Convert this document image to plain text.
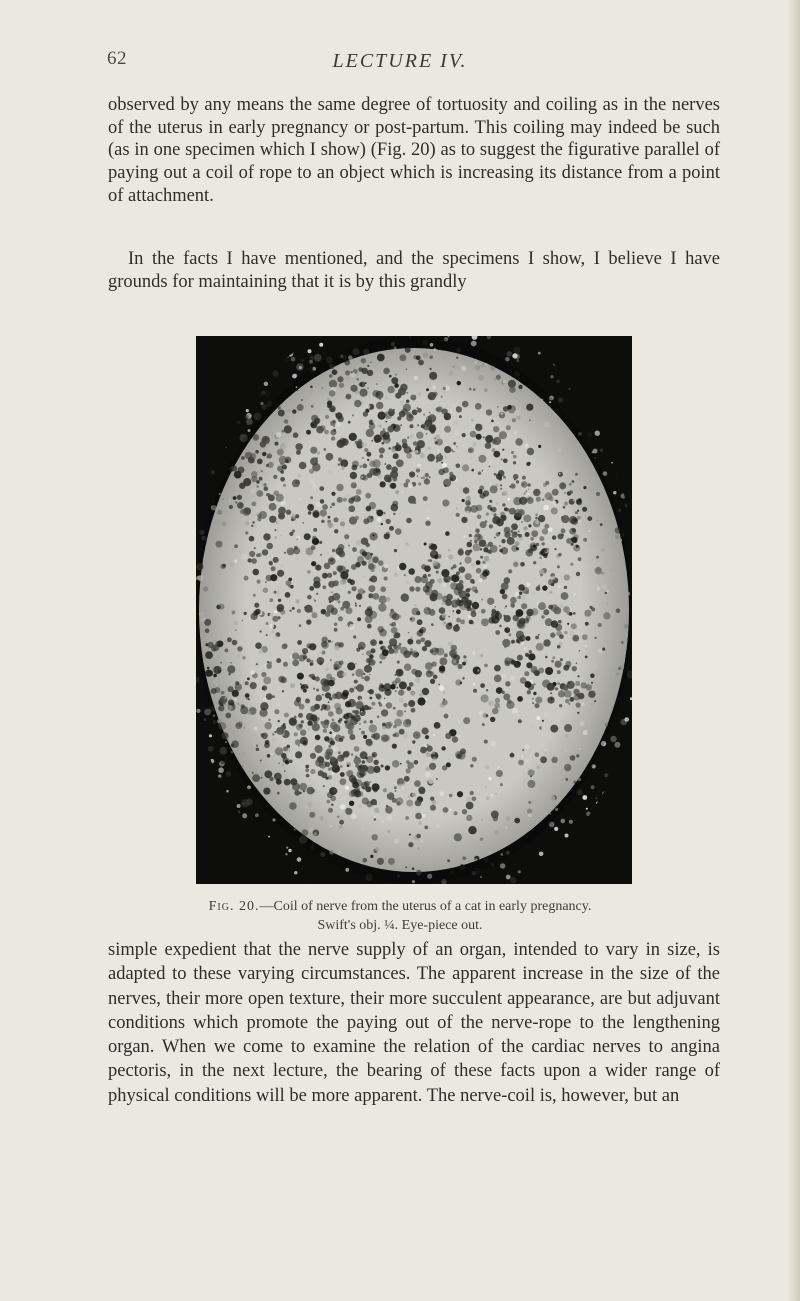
62	LECTURE IV.

observed by any means the same degree of tortuosity and coiling as in the nerves of the uterus in early pregnancy or post-partum. This coiling may indeed be such (as in one specimen which I show) (Fig. 20) as to suggest the figurative parallel of paying out a coil of rope to an object which is increasing its distance from a point of attachment.

In the facts I have mentioned, and the specimens I show, I believe I have grounds for maintaining that it is by this grandly

Fig. 20.—Coil of nerve from the uterus of a cat in early pregnancy.
Swift's obj. ¼. Eye-piece out.

simple expedient that the nerve supply of an organ, intended to vary in size, is adapted to these varying circumstances. The apparent increase in the size of the nerves, their more open texture, their more succulent appearance, are but adjuvant conditions which promote the paying out of the nerve-rope to the lengthening organ. When we come to examine the relation of the cardiac nerves to angina pectoris, in the next lecture, the bearing of these facts upon a wider range of physical conditions will be more apparent. The nerve-coil is, however, but an
